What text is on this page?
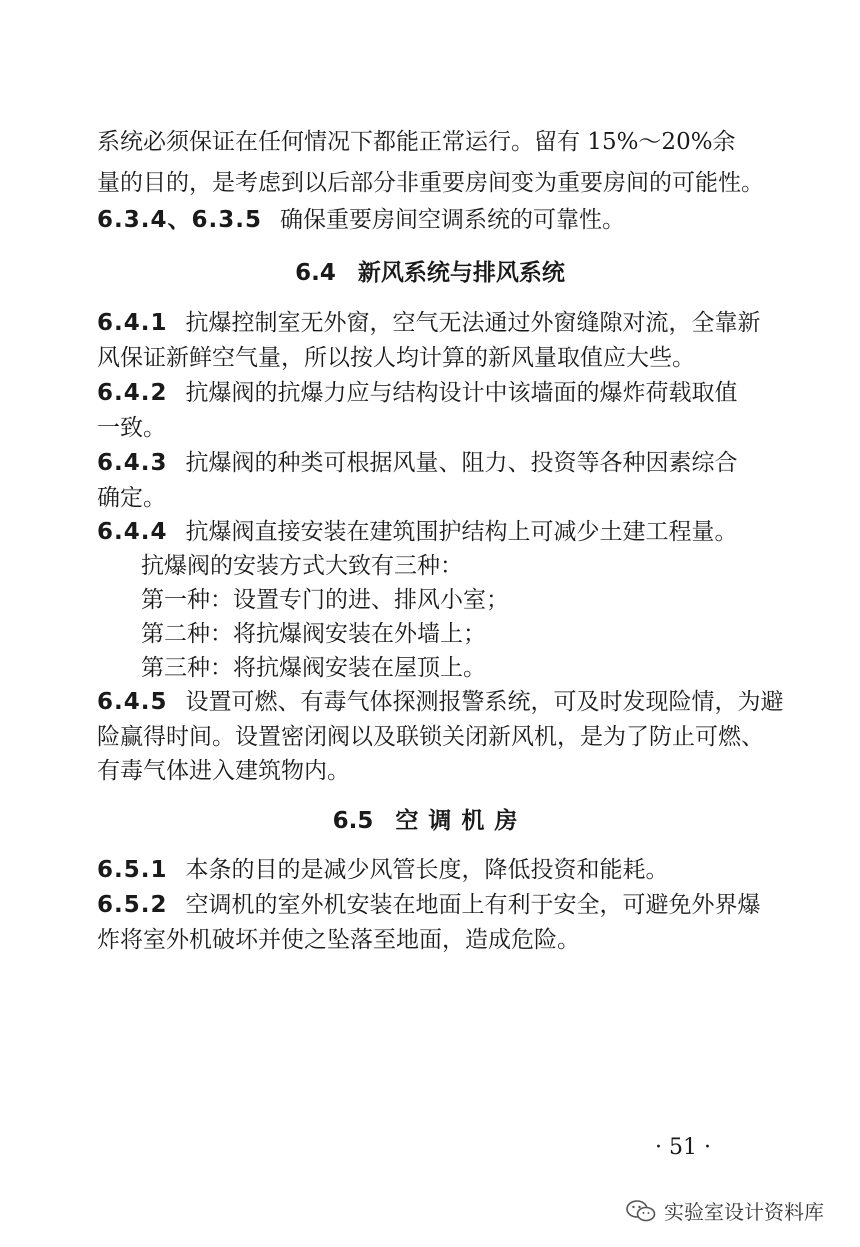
系统必须保证在任何情况下都能正常运行。留有 15%～20%余
量的目的，是考虑到以后部分非重要房间变为重要房间的可能性。
6.3.4、6.3.5 确保重要房间空调系统的可靠性。
6.4 新风系统与排风系统
6.4.1 抗爆控制室无外窗，空气无法通过外窗缝隙对流，全靠新
风保证新鲜空气量，所以按人均计算的新风量取值应大些。
6.4.2 抗爆阀的抗爆力应与结构设计中该墙面的爆炸荷载取值
一致。
6.4.3 抗爆阀的种类可根据风量、阻力、投资等各种因素综合
确定。
6.4.4 抗爆阀直接安装在建筑围护结构上可减少土建工程量。
抗爆阀的安装方式大致有三种：
第一种：设置专门的进、排风小室；
第二种：将抗爆阀安装在外墙上；
第三种：将抗爆阀安装在屋顶上。
6.4.5 设置可燃、有毒气体探测报警系统，可及时发现险情，为避
险赢得时间。设置密闭阀以及联锁关闭新风机，是为了防止可燃、
有毒气体进入建筑物内。
6.5 空调机房
6.5.1 本条的目的是减少风管长度，降低投资和能耗。
6.5.2 空调机的室外机安装在地面上有利于安全，可避免外界爆
炸将室外机破坏并使之坠落至地面，造成危险。
· 51 ·
实验室设计资料库
